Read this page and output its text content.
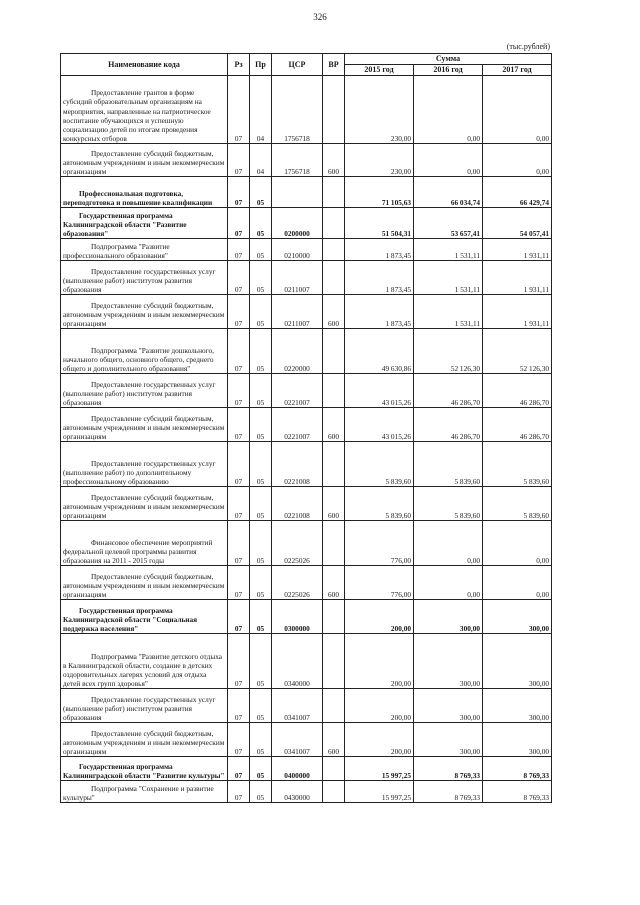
326
(тыс.рублей)
Наименование кода	Рз	Пр	ЦСР	ВР	Сумма		
					2015 год	2016 год	2017 год
Предоставление грантов в форме субсидий образовательным организациям на мероприятия, направленные на патриотическое воспитание обучающихся и успешную социализацию детей по итогам проведения конкурсных отборов	07	04	1756718		230,00	0,00	0,00
Предоставление субсидий бюджетным, автономным учреждениям и иным некоммерческим организациям	07	04	1756718	600	230,00	0,00	0,00
Профессиональная подготовка, переподготовка и повышение квалификации	07	05			71 105,63	66 034,74	66 429,74
Государственная программа Калининградской области "Развитие образования"	07	05	0200000		51 504,31	53 657,41	54 057,41
Подпрограмма "Развитие профессионального образования"	07	05	0210000		1 873,45	1 531,11	1 931,11
Предоставление государственных услуг (выполнение работ) институтом развития образования	07	05	0211007		1 873,45	1 531,11	1 931,11
Предоставление субсидий бюджетным, автономным учреждениям и иным некоммерческим организациям	07	05	0211007	600	1 873,45	1 531,11	1 931,11
Подпрограмма "Развитие дошкольного, начального общего, основного общего, среднего общего и дополнительного образования"	07	05	0220000		49 630,86	52 126,30	52 126,30
Предоставление государственных услуг (выполнение работ) институтом развития образования	07	05	0221007		43 015,26	46 286,70	46 286,70
Предоставление субсидий бюджетным, автономным учреждениям и иным некоммерческим организациям	07	05	0221007	600	43 015,26	46 286,70	46 286,70
Предоставление государственных услуг (выполнение работ) по дополнительному профессиональному образованию	07	05	0221008		5 839,60	5 839,60	5 839,60
Предоставление субсидий бюджетным, автономным учреждениям и иным некоммерческим организациям	07	05	0221008	600	5 839,60	5 839,60	5 839,60
Финансовое обеспечение мероприятий федеральной целевой программы развития образования на 2011 - 2015 годы	07	05	0225026		776,00	0,00	0,00
Предоставление субсидий бюджетным, автономным учреждениям и иным некоммерческим организациям	07	05	0225026	600	776,00	0,00	0,00
Государственная программа Калининградской области "Социальная поддержка населения"	07	05	0300000		200,00	300,00	300,00
Подпрограмма "Развитие детского отдыха в Калининградской области, создание в детских оздоровительных лагерях условий для отдыха детей всех групп здоровья"	07	05	0340000		200,00	300,00	300,00
Предоставление государственных услуг (выполнение работ) институтом развития образования	07	05	0341007		200,00	300,00	300,00
Предоставление субсидий бюджетным, автономным учреждениям и иным некоммерческим организациям	07	05	0341007	600	200,00	300,00	300,00
Государственная программа Калининградской области "Развитие культуры"	07	05	0400000		15 997,25	8 769,33	8 769,33
Подпрограмма "Сохранение и развитие культуры"	07	05	0430000		15 997,25	8 769,33	8 769,33
